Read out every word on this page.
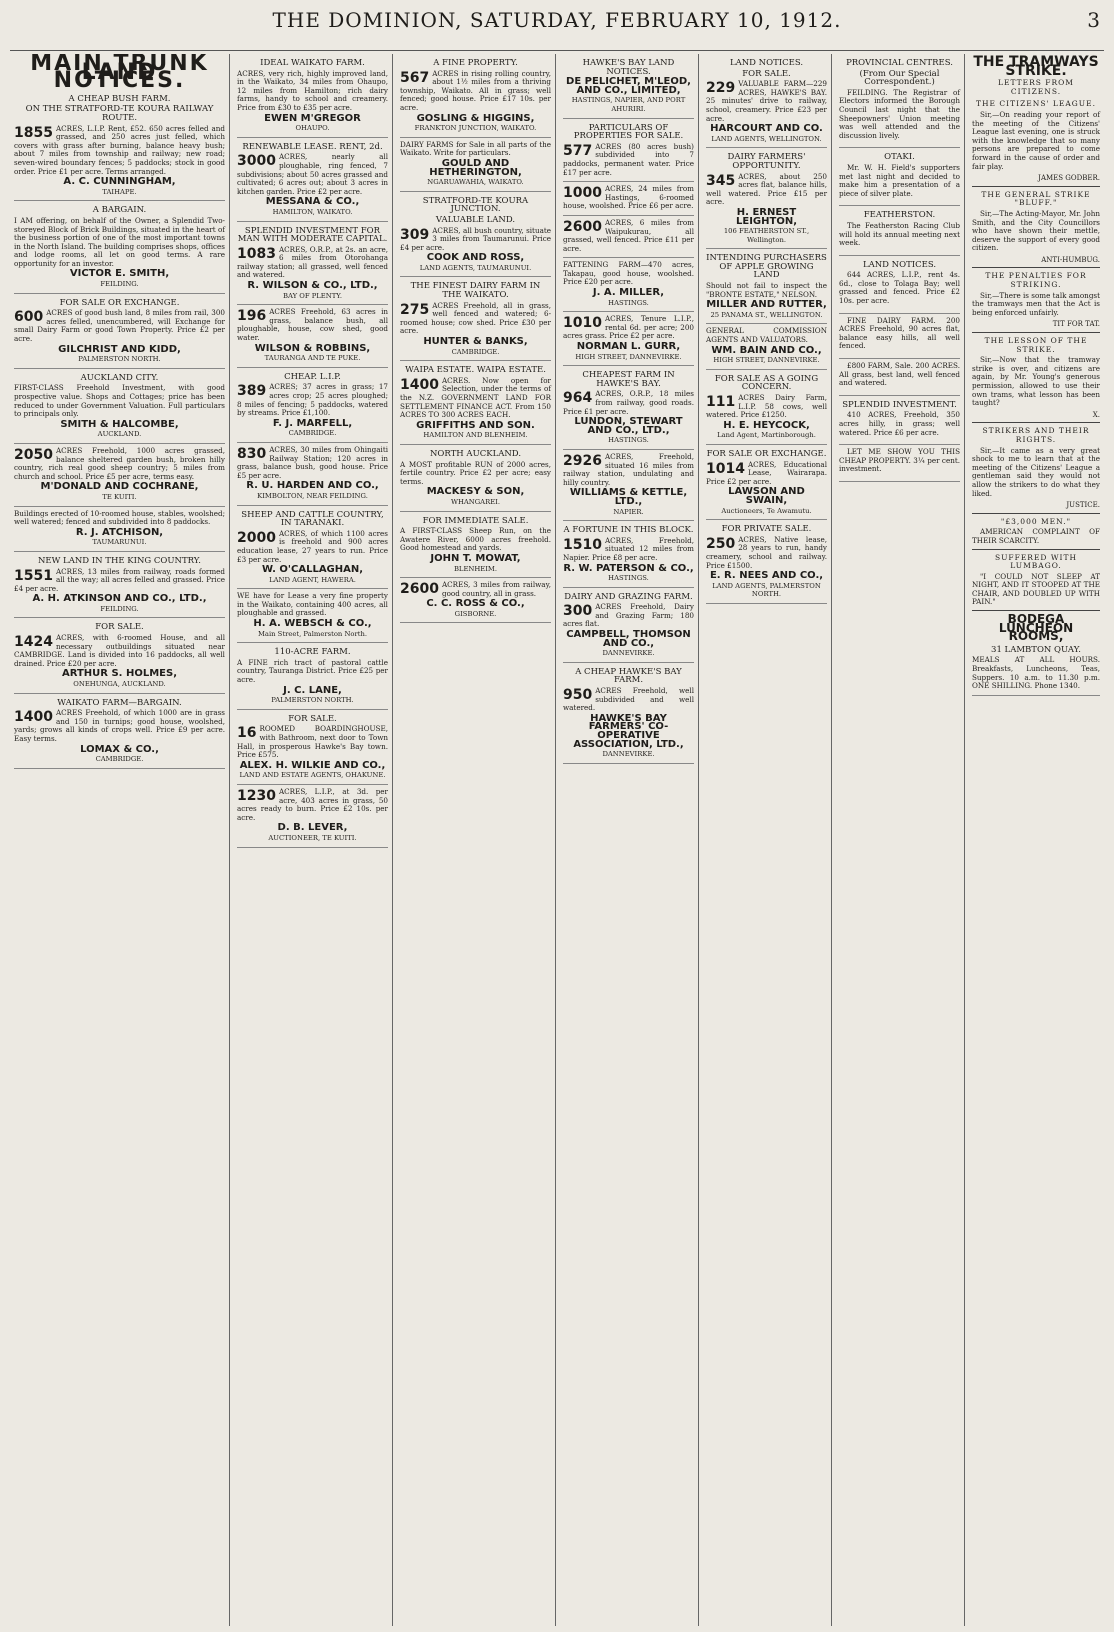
THE DOMINION, SATURDAY, FEBRUARY 10, 1912.	3
MAIN TRUNK LAND NOTICES.
A CHEAP BUSH FARM.
ON THE STRATFORD-TE KOURA RAILWAY ROUTE.

1855 ACRES, L.I.P. Rent, £52. 650 acres felled and grassed, and 250 acres just felled, which covers with grass after burning, balance heavy bush; about 7 miles from township and railway; new road; seven-wired boundary fences; 5 paddocks; stock in good order. Price £1 per acre. Terms arranged.

A. C. CUNNINGHAM,
TAIHAPE.
A BARGAIN.

I AM offering, on behalf of the Owner, a Splendid Two-storeyed Block of Brick Buildings, situated in the heart of the business portion of one of the most important towns in the North Island. The building comprises shops, offices and lodge rooms, all let on good terms. A rare opportunity for an investor.

VICTOR E. SMITH,
FEILDING.
FOR SALE OR EXCHANGE.

600 ACRES of good bush land, 8 miles from rail, 300 acres felled, unencumbered, will Exchange for small Dairy Farm or good Town Property. Price £2 per acre.

GILCHRIST AND KIDD,
PALMERSTON NORTH.
AUCKLAND CITY.

FIRST-CLASS Freehold Investment, with good prospective value. Shops and Cottages; price has been reduced to under Government Valuation. Full particulars to principals only.

SMITH & HALCOMBE,
AUCKLAND.

2050 ACRES Freehold, 1000 acres grassed, balance sheltered garden bush, broken hilly country, rich real good sheep country; 5 miles from church and school. Price £5 per acre, terms easy.

M'DONALD AND COCHRANE,
TE KUITI.

Buildings erected of 10-roomed house, stables, woolshed; well watered; fenced and subdivided into 8 paddocks.

R. J. ATCHISON,
TAUMARUNUI.
NEW LAND IN THE KING COUNTRY.

1551 ACRES, 13 miles from railway, roads formed all the way; all acres felled and grassed. Price £4 per acre.

A. H. ATKINSON AND CO., LTD.,
FEILDING.
FOR SALE.

1424 ACRES, with 6-roomed House, and all necessary outbuildings situated near CAMBRIDGE. Land is divided into 16 paddocks, all well drained. Price £20 per acre.

ARTHUR S. HOLMES,
ONEHUNGA, AUCKLAND.
WAIKATO FARM—BARGAIN.

1400 ACRES Freehold, of which 1000 are in grass and 150 in turnips; good house, woolshed, yards; grows all kinds of crops well. Price £9 per acre. Easy terms.

LOMAX & CO.,
CAMBRIDGE.
IDEAL WAIKATO FARM.

ACRES, very rich, highly improved land, in the Waikato, 34 miles from Ohaupo, 12 miles from Hamilton; rich dairy farms, handy to school and creamery. Price from £30 to £35 per acre.

EWEN M'GREGOR
OHAUPO.
RENEWABLE LEASE. RENT, 2d.

3000 ACRES, nearly all ploughable, ring fenced, 7 subdivisions; about 50 acres grassed and cultivated; 6 acres out; about 3 acres in kitchen garden. Price £2 per acre.

MESSANA & CO.,
HAMILTON, WAIKATO.
SPLENDID INVESTMENT FOR MAN WITH MODERATE CAPITAL.

1083 ACRES, O.R.P., at 2s. an acre, 6 miles from Otorohanga railway station; all grassed, well fenced and watered.

R. WILSON & CO., LTD.,
BAY OF PLENTY.

196 ACRES Freehold, 63 acres in grass, balance bush, all ploughable, house, cow shed, good water.

WILSON & ROBBINS,
TAURANGA AND TE PUKE.
CHEAP. L.I.P.

389 ACRES; 37 acres in grass; 17 acres crop; 25 acres ploughed; 8 miles of fencing; 5 paddocks, watered by streams. Price £1,100.

F. J. MARFELL,
CAMBRIDGE.

830 ACRES, 30 miles from Ohingaiti Railway Station; 120 acres in grass, balance bush, good house. Price £5 per acre.

R. U. HARDEN AND CO.,
KIMBOLTON, NEAR FEILDING.
SHEEP AND CATTLE COUNTRY, IN TARANAKI.

2000 ACRES, of which 1100 acres is freehold and 900 acres education lease, 27 years to run. Price £3 per acre.

W. O'CALLAGHAN,
LAND AGENT, HAWERA.

WE have for Lease a very fine property in the Waikato, containing 400 acres, all ploughable and grassed.

H. A. WEBSCH & CO.,
Main Street, Palmerston North.
110-ACRE FARM.

A FINE rich tract of pastoral cattle country, Tauranga District. Price £25 per acre.

J. C. LANE,
PALMERSTON NORTH.
FOR SALE.

16 ROOMED BOARDINGHOUSE, with Bathroom, next door to Town Hall, in prosperous Hawke's Bay town. Price £575.

ALEX. H. WILKIE AND CO.,
LAND AND ESTATE AGENTS, OHAKUNE.

1230 ACRES, L.I.P., at 3d. per acre, 403 acres in grass, 50 acres ready to burn. Price £2 10s. per acre.

D. B. LEVER,
AUCTIONEER, TE KUITI.
A FINE PROPERTY.

567 ACRES in rising rolling country, about 1½ miles from a thriving township, Waikato. All in grass; well fenced; good house. Price £17 10s. per acre.

GOSLING & HIGGINS,
FRANKTON JUNCTION, WAIKATO.

DAIRY FARMS for Sale in all parts of the Waikato. Write for particulars.

GOULD AND HETHERINGTON,
NGARUAWAHIA, WAIKATO.
STRATFORD-TE KOURA JUNCTION.
VALUABLE LAND.

309 ACRES, all bush country, situate 3 miles from Taumarunui. Price £4 per acre.

COOK AND ROSS,
LAND AGENTS, TAUMARUNUI.
THE FINEST DAIRY FARM IN THE WAIKATO.

275 ACRES Freehold, all in grass, well fenced and watered; 6-roomed house; cow shed. Price £30 per acre.

HUNTER & BANKS,
CAMBRIDGE.
WAIPA ESTATE. WAIPA ESTATE.

1400 ACRES. Now open for Selection, under the terms of the N.Z. GOVERNMENT LAND FOR SETTLEMENT FINANCE ACT. From 150 ACRES TO 300 ACRES EACH.

GRIFFITHS AND SON.
HAMILTON AND BLENHEIM.
NORTH AUCKLAND.

A MOST profitable RUN of 2000 acres, fertile country. Price £2 per acre; easy terms.

MACKESY & SON,
WHANGAREI.
FOR IMMEDIATE SALE.

A FIRST-CLASS Sheep Run, on the Awatere River, 6000 acres freehold. Good homestead and yards.

JOHN T. MOWAT,
BLENHEIM.

2600 ACRES, 3 miles from railway, good country, all in grass.

C. C. ROSS & CO.,
GISBORNE.
HAWKE'S BAY LAND NOTICES.

DE PELICHET, M'LEOD, AND CO., LIMITED,
HASTINGS, NAPIER, AND PORT AHURIRI.
PARTICULARS OF PROPERTIES FOR SALE.

577 ACRES (80 acres bush) subdivided into 7 paddocks, permanent water. Price £17 per acre.

1000 ACRES, 24 miles from Hastings, 6-roomed house, woolshed. Price £6 per acre.

2600 ACRES, 6 miles from Waipukurau, all grassed, well fenced. Price £11 per acre.

FATTENING FARM—470 acres, Takapau, good house, woolshed. Price £20 per acre.

J. A. MILLER,
HASTINGS.

1010 ACRES, Tenure L.I.P., rental 6d. per acre; 200 acres grass. Price £2 per acre.

NORMAN L. GURR,
HIGH STREET, DANNEVIRKE.
CHEAPEST FARM IN HAWKE'S BAY.

964 ACRES, O.R.P., 18 miles from railway, good roads. Price £1 per acre.

LUNDON, STEWART AND CO., LTD.,
HASTINGS.

2926 ACRES, Freehold, situated 16 miles from railway station, undulating and hilly country.

WILLIAMS & KETTLE, LTD.,
NAPIER.
A FORTUNE IN THIS BLOCK.

1510 ACRES, Freehold, situated 12 miles from Napier. Price £8 per acre.

R. W. PATERSON & CO.,
HASTINGS.
DAIRY AND GRAZING FARM.

300 ACRES Freehold, Dairy and Grazing Farm; 180 acres flat.

CAMPBELL, THOMSON AND CO.,
DANNEVIRKE.
A CHEAP HAWKE'S BAY FARM.

950 ACRES Freehold, well subdivided and well watered.

HAWKE'S BAY FARMERS' CO-OPERATIVE ASSOCIATION, LTD.,
DANNEVIRKE.
LAND NOTICES.
FOR SALE.

229 VALUABLE FARM—229 ACRES, HAWKE'S BAY. 25 minutes' drive to railway, school, creamery. Price £23 per acre.

HARCOURT AND CO.
LAND AGENTS, WELLINGTON.
DAIRY FARMERS' OPPORTUNITY.

345 ACRES, about 250 acres flat, balance hills, well watered. Price £15 per acre.

H. ERNEST LEIGHTON,
106 FEATHERSTON ST., Wellington.
INTENDING PURCHASERS OF APPLE GROWING LAND

Should not fail to inspect the "BRONTE ESTATE," NELSON.

MILLER AND RUTTER,
25 PANAMA ST., WELLINGTON.

GENERAL COMMISSION AGENTS AND VALUATORS.

WM. BAIN AND CO.,
HIGH STREET, DANNEVIRKE.
FOR SALE AS A GOING CONCERN.

111 ACRES Dairy Farm, L.I.P. 58 cows, well watered. Price £1250.

H. E. HEYCOCK,
Land Agent, Martinborough.
FOR SALE OR EXCHANGE.

1014 ACRES, Educational Lease, Wairarapa. Price £2 per acre.

LAWSON AND SWAIN,
Auctioneers, Te Awamutu.
FOR PRIVATE SALE.

250 ACRES, Native lease, 28 years to run, handy creamery, school and railway. Price £1500.

E. R. NEES AND CO.,
LAND AGENTS, PALMERSTON NORTH.
PROVINCIAL CENTRES.
(From Our Special Correspondent.)

FEILDING. The Registrar of Electors informed the Borough Council last night that the Sheepowners' Union meeting was well attended and the discussion lively.

OTAKI.

Mr. W. H. Field's supporters met last night and decided to make him a presentation of a piece of silver plate.

FEATHERSTON.

The Featherston Racing Club will hold its annual meeting next week.

LAND NOTICES.

644 ACRES, L.I.P., rent 4s. 6d., close to Tolaga Bay; well grassed and fenced. Price £2 10s. per acre.

FINE DAIRY FARM. 200 ACRES Freehold, 90 acres flat, balance easy hills, all well fenced.

£800 FARM, Sale. 200 ACRES. All grass, best land, well fenced and watered.

SPLENDID INVESTMENT.

410 ACRES, Freehold, 350 acres hilly, in grass; well watered. Price £6 per acre.

LET ME SHOW YOU THIS CHEAP PROPERTY. 3¼ per cent. investment.

THE TRAMWAYS STRIKE.
LETTERS FROM CITIZENS.
THE CITIZENS' LEAGUE.

Sir,—On reading your report of the meeting of the Citizens' League last evening, one is struck with the knowledge that so many persons are prepared to come forward in the cause of order and fair play.

JAMES GODBER.
THE GENERAL STRIKE "BLUFF."

Sir,—The Acting-Mayor, Mr. John Smith, and the City Councillors who have shown their mettle, deserve the support of every good citizen.

ANTI-HUMBUG.
THE PENALTIES FOR STRIKING.

Sir,—There is some talk amongst the tramways men that the Act is being enforced unfairly.

TIT FOR TAT.
THE LESSON OF THE STRIKE.

Sir,—Now that the tramway strike is over, and citizens are again, by Mr. Young's generous permission, allowed to use their own trams, what lesson has been taught?

X.
STRIKERS AND THEIR RIGHTS.

Sir,—It came as a very great shock to me to learn that at the meeting of the Citizens' League a gentleman said they would not allow the strikers to do what they liked.

JUSTICE.
"£3,000 MEN."

AMERICAN COMPLAINT OF THEIR SCARCITY.

SUFFERED WITH LUMBAGO.

"I COULD NOT SLEEP AT NIGHT, AND IT STOOPED AT THE CHAIR, AND DOUBLED UP WITH PAIN."

BODEGA LUNCHEON ROOMS,
31 LAMBTON QUAY.

MEALS AT ALL HOURS. Breakfasts, Luncheons, Teas, Suppers. 10 a.m. to 11.30 p.m. ONE SHILLING. Phone 1340.
